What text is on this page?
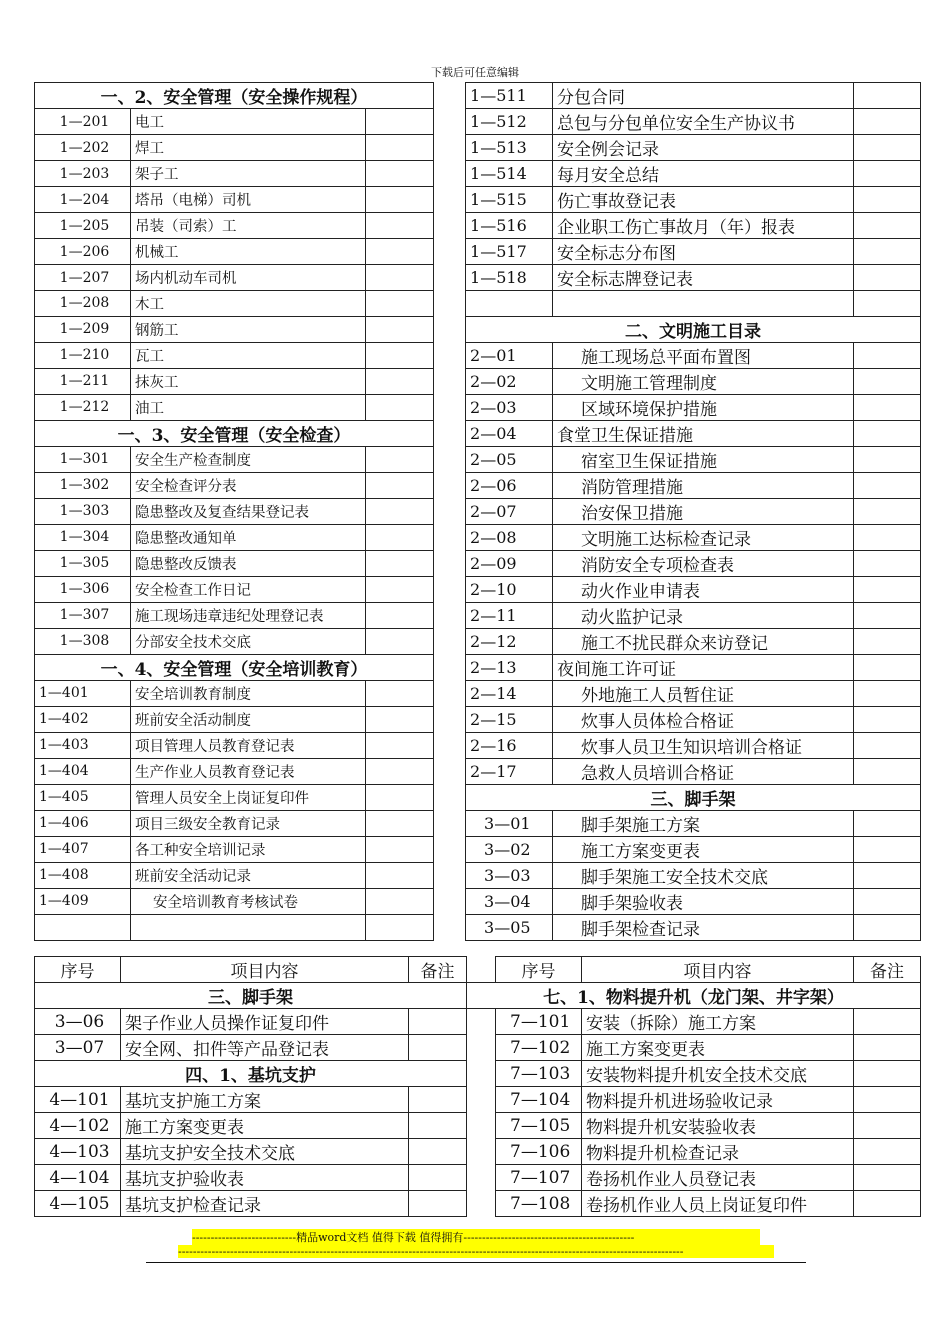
下载后可任意编辑
一、2、安全管理（安全操作规程）				1—511	分包合同	
1—201	电工			1—512	总包与分包单位安全生产协议书	
1—202	焊工			1—513	安全例会记录	
1—203	架子工			1—514	每月安全总结	
1—204	塔吊（电梯）司机			1—515	伤亡事故登记表	
1—205	吊装（司索）工			1—516	企业职工伤亡事故月（年）报表	
1—206	机械工			1—517	安全标志分布图	
1—207	场内机动车司机			1—518	安全标志牌登记表	
1—208	木工					
1—209	钢筋工			二、文明施工目录		
1—210	瓦工			2—01	施工现场总平面布置图	
1—211	抹灰工			2—02	文明施工管理制度	
1—212	油工			2—03	区域环境保护措施	
一、3、安全管理（安全检查）				2—04	食堂卫生保证措施	
1—301	安全生产检查制度			2—05	宿室卫生保证措施	
1—302	安全检查评分表			2—06	消防管理措施	
1—303	隐患整改及复查结果登记表			2—07	治安保卫措施	
1—304	隐患整改通知单			2—08	文明施工达标检查记录	
1—305	隐患整改反馈表			2—09	消防安全专项检查表	
1—306	安全检查工作日记			2—10	动火作业申请表	
1—307	施工现场违章违纪处理登记表			2—11	动火监护记录	
1—308	分部安全技术交底			2—12	施工不扰民群众来访登记	
一、4、安全管理（安全培训教育）				2—13	夜间施工许可证	
1—401	安全培训教育制度			2—14	外地施工人员暂住证	
1—402	班前安全活动制度			2—15	炊事人员体检合格证	
1—403	项目管理人员教育登记表			2—16	炊事人员卫生知识培训合格证	
1—404	生产作业人员教育登记表			2—17	急救人员培训合格证	
1—405	管理人员安全上岗证复印件			三、脚手架		
1—406	项目三级安全教育记录			3—01	脚手架施工方案	
1—407	各工种安全培训记录			3—02	施工方案变更表	
1—408	班前安全活动记录			3—03	脚手架施工安全技术交底	
1—409	安全培训教育考核试卷			3—04	脚手架验收表	
				3—05	脚手架检查记录	
序号	项目内容	备注		序号	项目内容	备注
三、脚手架			七、1、物料提升机（龙门架、井字架）			
3—06	架子作业人员操作证复印件			7—101	安装（拆除）施工方案	
3—07	安全网、扣件等产品登记表			7—102	施工方案变更表	
四、1、基坑支护				7—103	安装物料提升机安全技术交底	
4—101	基坑支护施工方案			7—104	物料提升机进场验收记录	
4—102	施工方案变更表			7—105	物料提升机安装验收表	
4—103	基坑支护安全技术交底			7—106	物料提升机检查记录	
4—104	基坑支护验收表			7—107	卷扬机作业人员登记表	
4—105	基坑支护检查记录			7—108	卷扬机作业人员上岗证复印件	
----------------------------精品word文档 值得下载 值得拥有----------------------------------------------
----------------------------------------------------------------------------------------------------------------------------------------
